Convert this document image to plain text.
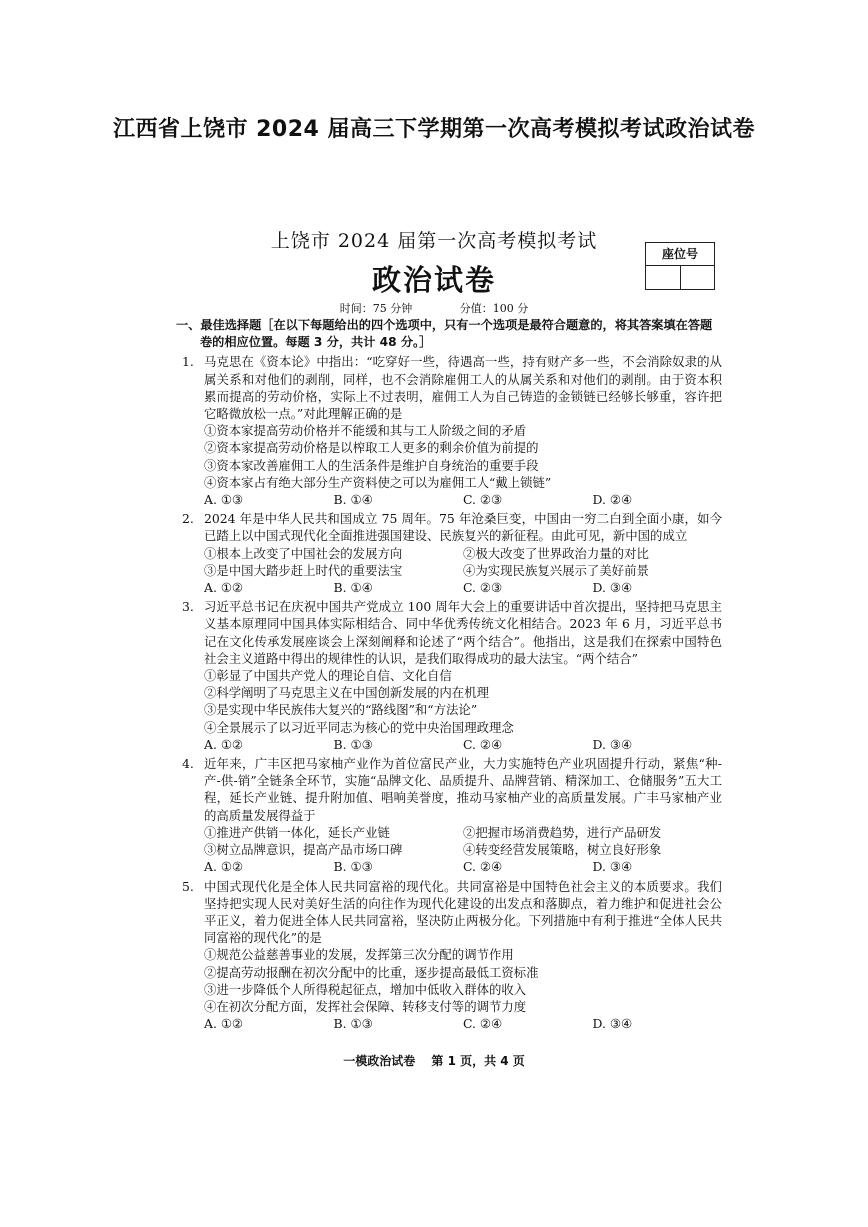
江西省上饶市 2024 届高三下学期第一次高考模拟考试政治试卷
上饶市 2024 届第一次高考模拟考试
政治试卷
座位号
时间：75 分钟	分值：100 分
一、最佳选择题［在以下每题给出的四个选项中，只有一个选项是最符合题意的，将其答案填在答题
卷的相应位置。每题 3 分，共计 48 分。］
1. 马克思在《资本论》中指出：“吃穿好一些，待遇高一些，持有财产多一些，不会消除奴隶的从属关系和对他们的剥削，同样，也不会消除雇佣工人的从属关系和对他们的剥削。由于资本积累而提高的劳动价格，实际上不过表明，雇佣工人为自己铸造的金锁链已经够长够重，容许把它略微放松一点。”对此理解正确的是
①资本家提高劳动价格并不能缓和其与工人阶级之间的矛盾
②资本家提高劳动价格是以榨取工人更多的剩余价值为前提的
③资本家改善雇佣工人的生活条件是维护自身统治的重要手段
④资本家占有绝大部分生产资料使之可以为雇佣工人“戴上锁链”
A. ①③	B. ①④	C. ②③	D. ②④
2. 2024 年是中华人民共和国成立 75 周年。75 年沧桑巨变，中国由一穷二白到全面小康，如今已踏上以中国式现代化全面推进强国建设、民族复兴的新征程。由此可见，新中国的成立
①根本上改变了中国社会的发展方向	②极大改变了世界政治力量的对比
③是中国大踏步赶上时代的重要法宝	④为实现民族复兴展示了美好前景
A. ①②	B. ①④	C. ②③	D. ③④
3. 习近平总书记在庆祝中国共产党成立 100 周年大会上的重要讲话中首次提出，坚持把马克思主义基本原理同中国具体实际相结合、同中华优秀传统文化相结合。2023 年 6 月，习近平总书记在文化传承发展座谈会上深刻阐释和论述了“两个结合”。他指出，这是我们在探索中国特色社会主义道路中得出的规律性的认识，是我们取得成功的最大法宝。“两个结合”
①彰显了中国共产党人的理论自信、文化自信
②科学阐明了马克思主义在中国创新发展的内在机理
③是实现中华民族伟大复兴的“路线图”和“方法论”
④全景展示了以习近平同志为核心的党中央治国理政理念
A. ①②	B. ①③	C. ②④	D. ③④
4. 近年来，广丰区把马家柚产业作为首位富民产业，大力实施特色产业巩固提升行动，紧焦“种-产-供-销”全链条全环节，实施“品牌文化、品质提升、品牌营销、精深加工、仓储服务”五大工程，延长产业链、提升附加值、唱响美誉度，推动马家柚产业的高质量发展。广丰马家柚产业的高质量发展得益于
①推进产供销一体化，延长产业链	②把握市场消费趋势，进行产品研发
③树立品牌意识，提高产品市场口碑	④转变经营发展策略，树立良好形象
A. ①②	B. ①③	C. ②④	D. ③④
5. 中国式现代化是全体人民共同富裕的现代化。共同富裕是中国特色社会主义的本质要求。我们坚持把实现人民对美好生活的向往作为现代化建设的出发点和落脚点，着力维护和促进社会公平正义，着力促进全体人民共同富裕，坚决防止两极分化。下列措施中有利于推进“全体人民共同富裕的现代化”的是
①规范公益慈善事业的发展，发挥第三次分配的调节作用
②提高劳动报酬在初次分配中的比重，逐步提高最低工资标准
③进一步降低个人所得税起征点，增加中低收入群体的收入
④在初次分配方面，发挥社会保障、转移支付等的调节力度
A. ①②	B. ①③	C. ②④	D. ③④
一模政治试卷 第 1 页，共 4 页
